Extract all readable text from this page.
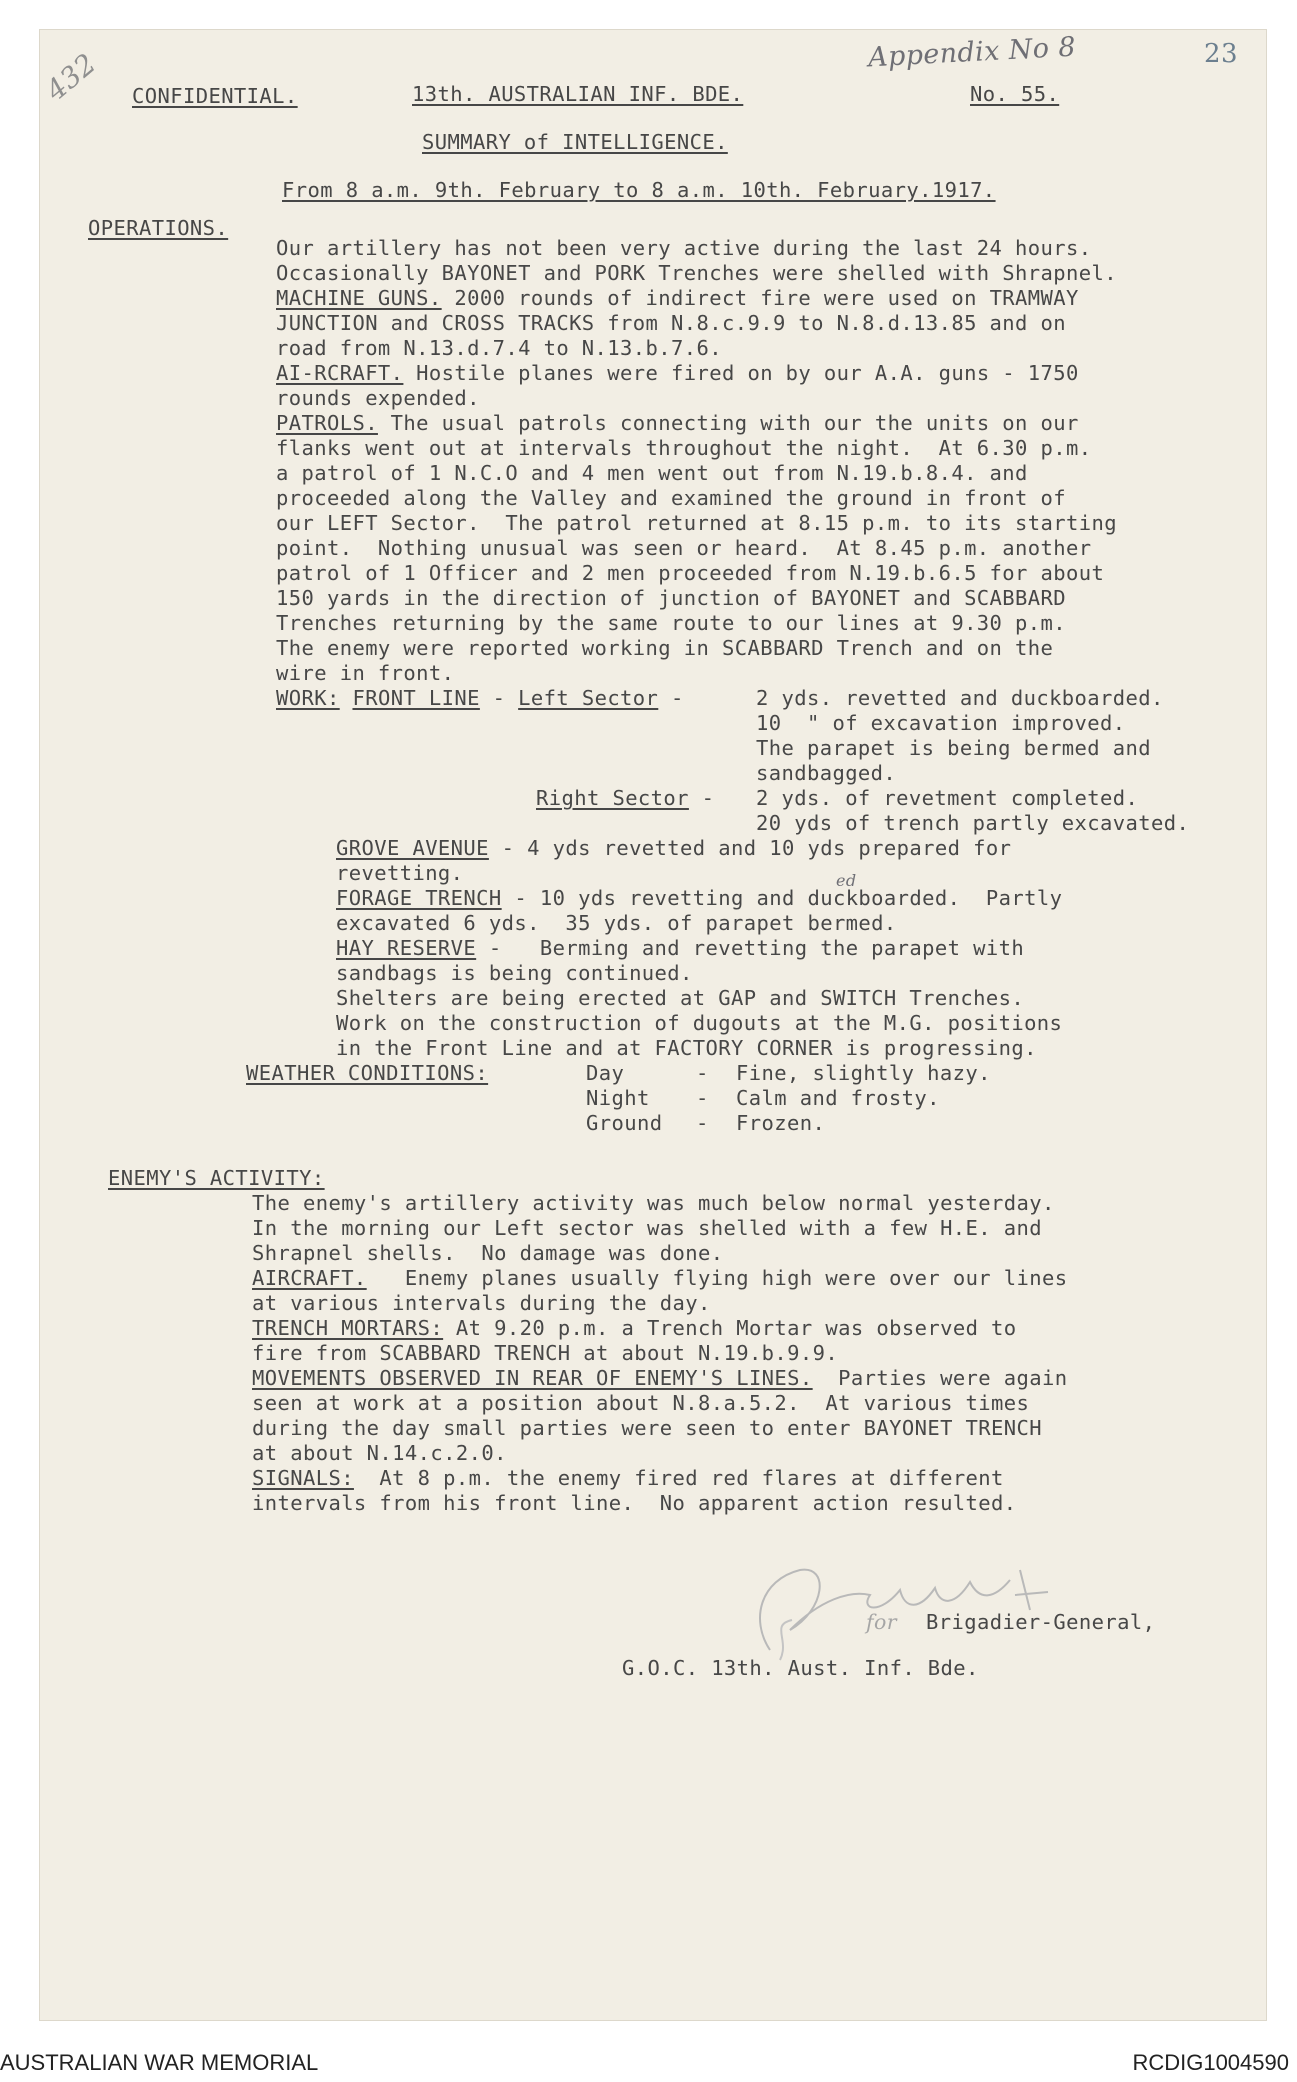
432	Appendix No 8	23
CONFIDENTIAL.	13th. AUSTRALIAN INF. BDE.	No. 55.
SUMMARY of INTELLIGENCE.
From 8 a.m. 9th. February to 8 a.m. 10th. February.1917.
OPERATIONS.
Our artillery has not been very active during the last 24 hours.
Occasionally BAYONET and PORK Trenches were shelled with Shrapnel.
MACHINE GUNS. 2000 rounds of indirect fire were used on TRAMWAY
JUNCTION and CROSS TRACKS from N.8.c.9.9 to N.8.d.13.85 and on
road from N.13.d.7.4 to N.13.b.7.6.
AI-RCRAFT. Hostile planes were fired on by our A.A. guns - 1750
rounds expended.
PATROLS. The usual patrols connecting with our the units on our
flanks went out at intervals throughout the night.  At 6.30 p.m.
a patrol of 1 N.C.O and 4 men went out from N.19.b.8.4. and
proceeded along the Valley and examined the ground in front of
our LEFT Sector.  The patrol returned at 8.15 p.m. to its starting
point.  Nothing unusual was seen or heard.  At 8.45 p.m. another
patrol of 1 Officer and 2 men proceeded from N.19.b.6.5 for about
150 yards in the direction of junction of BAYONET and SCABBARD
Trenches returning by the same route to our lines at 9.30 p.m.
The enemy were reported working in SCABBARD Trench and on the
wire in front.
WORK: FRONT LINE - Left Sector -	2 yds. revetted and duckboarded.
10  " of excavation improved.
The parapet is being bermed and
sandbagged.
Right Sector - 2 yds. of revetment completed.
20 yds of trench partly excavated.
GROVE AVENUE - 4 yds revetted and 10 yds prepared for
revetting.	ed
FORAGE TRENCH - 10 yds revetting and duckboarded.  Partly
excavated 6 yds.  35 yds. of parapet bermed.
HAY RESERVE -   Berming and revetting the parapet with
sandbags is being continued.
Shelters are being erected at GAP and SWITCH Trenches.
Work on the construction of dugouts at the M.G. positions
in the Front Line and at FACTORY CORNER is progressing.
WEATHER CONDITIONS:	Day	- Fine, slightly hazy.
Night - Calm and frosty.
Ground - Frozen.
ENEMY'S ACTIVITY:
The enemy's artillery activity was much below normal yesterday.
In the morning our Left sector was shelled with a few H.E. and
Shrapnel shells.  No damage was done.
AIRCRAFT.   Enemy planes usually flying high were over our lines
at various intervals during the day.
TRENCH MORTARS: At 9.20 p.m. a Trench Mortar was observed to
fire from SCABBARD TRENCH at about N.19.b.9.9.
MOVEMENTS OBSERVED IN REAR OF ENEMY'S LINES.  Parties were again
seen at work at a position about N.8.a.5.2.  At various times
during the day small parties were seen to enter BAYONET TRENCH
at about N.14.c.2.0.
SIGNALS:  At 8 p.m. the enemy fired red flares at different
intervals from his front line.  No apparent action resulted.
for Brigadier-General,
G.O.C. 13th. Aust. Inf. Bde.
AUSTRALIAN WAR MEMORIAL	RCDIG1004590
